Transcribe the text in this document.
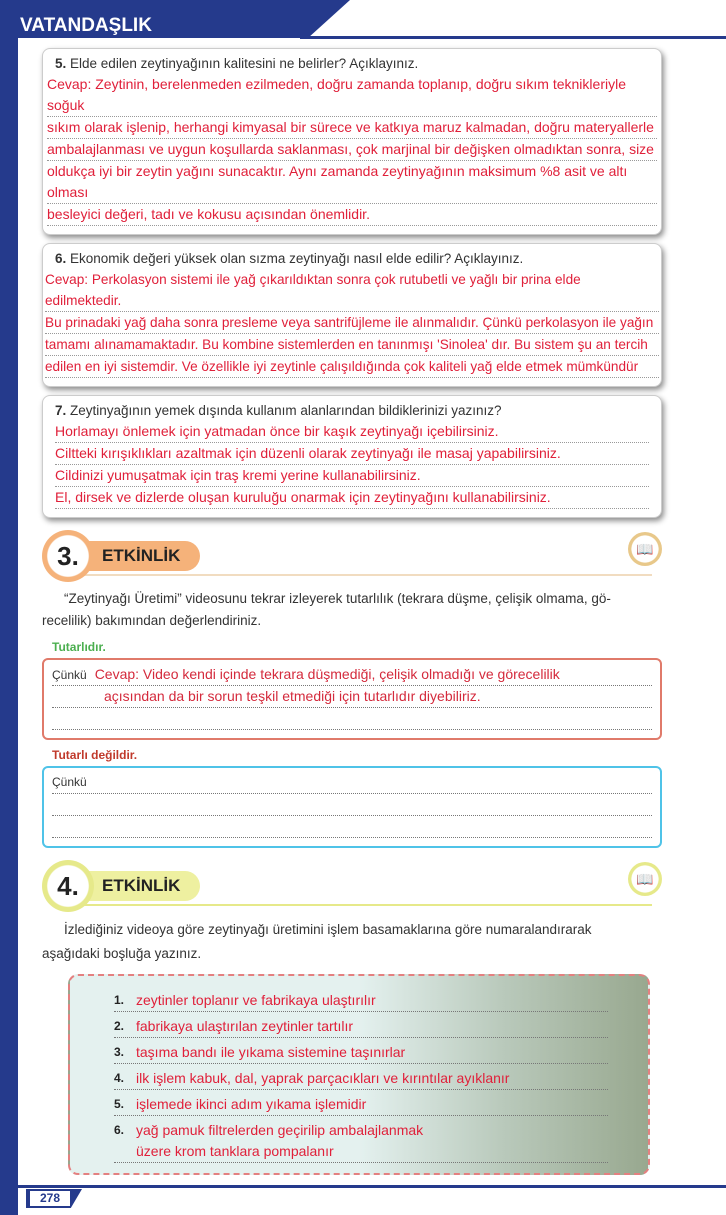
VATANDAŞLIK
5. Elde edilen zeytinyağının kalitesini ne belirler? Açıklayınız.
Cevap: Zeytinin, berelenmeden ezilmeden, doğru zamanda toplanıp, doğru sıkım teknikleriyle soğuk
sıkım olarak işlenip, herhangi kimyasal bir sürece ve katkıya maruz kalmadan, doğru materyallerle
ambalajlanması ve uygun koşullarda saklanması, çok marjinal bir değişken olmadıktan sonra, size
oldukça iyi bir zeytin yağını sunacaktır. Aynı zamanda zeytinyağının maksimum %8 asit ve altı olması
besleyici değeri, tadı ve kokusu açısından önemlidir.
6. Ekonomik değeri yüksek olan sızma zeytinyağı nasıl elde edilir? Açıklayınız.
Cevap: Perkolasyon sistemi ile yağ çıkarıldıktan sonra çok rutubetli ve yağlı bir prina elde edilmektedir.
Bu prinadaki yağ daha sonra presleme veya santrifüjleme ile alınmalıdır. Çünkü perkolasyon ile yağın
tamamı alınamamaktadır. Bu kombine sistemlerden en tanınmışı 'Sinolea' dır. Bu sistem şu an tercih
edilen en iyi sistemdir. Ve özellikle iyi zeytinle çalışıldığında çok kaliteli yağ elde etmek mümkündür
7. Zeytinyağının yemek dışında kullanım alanlarından bildiklerinizi yazınız?
Horlamayı önlemek için yatmadan önce bir kaşık zeytinyağı içebilirsiniz.
Ciltteki kırışıklıkları azaltmak için düzenli olarak zeytinyağı ile masaj yapabilirsiniz.
Cildinizi yumuşatmak için traş kremi yerine kullanabilirsiniz.
El, dirsek ve dizlerde oluşan kuruluğu onarmak için zeytinyağını kullanabilirsiniz.
3.	ETKİNLİK	📖
“Zeytinyağı Üretimi” videosunu tekrar izleyerek tutarlılık (tekrara düşme, çelişik olmama, gö-
recelilik) bakımından değerlendiriniz.
Tutarlıdır.
Çünkü Cevap: Video kendi içinde tekrara düşmediği, çelişik olmadığı ve görecelilik
açısından da bir sorun teşkil etmediği için tutarlıdır diyebiliriz.
Tutarlı değildir.
Çünkü
4.	ETKİNLİK	📖
İzlediğiniz videoya göre zeytinyağı üretimini işlem basamaklarına göre numaralandırarak
aşağıdaki boşluğa yazınız.
1. zeytinler toplanır ve fabrikaya ulaştırılır
2. fabrikaya ulaştırılan zeytinler tartılır
3. taşıma bandı ile yıkama sistemine taşınırlar
4. ilk işlem kabuk, dal, yaprak parçacıkları ve kırıntılar ayıklanır
5. işlemede ikinci adım yıkama işlemidir
6. yağ pamuk filtrelerden geçirilip ambalajlanmak
üzere krom tanklara pompalanır
278
